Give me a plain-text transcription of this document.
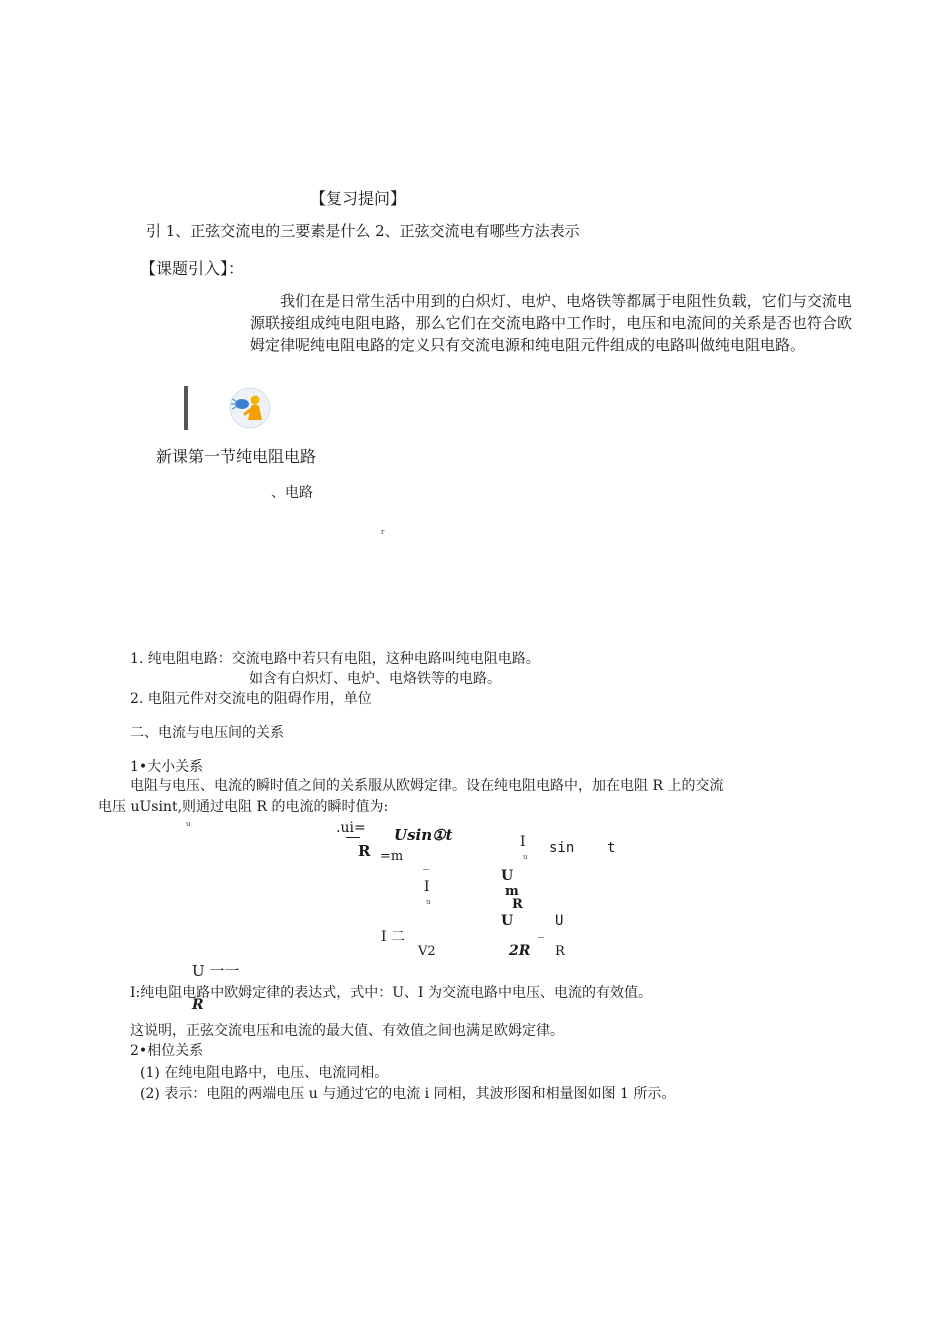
【复习提问】
引 1、正弦交流电的三要素是什么 2、正弦交流电有哪些方法表示
【课题引入】：
我们在是日常生活中用到的白炽灯、电炉、电烙铁等都属于电阻性负载，它们与交流电源联接组成纯电阻电路，那么它们在交流电路中工作时，电压和电流间的关系是否也符合欧姆定律呢纯电阻电路的定义只有交流电源和纯电阻元件组成的电路叫做纯电阻电路。
新课第一节纯电阻电路
、电路
r
1. 纯电阻电路：交流电路中若只有电阻，这种电路叫纯电阻电路。
如含有白炽灯、电炉、电烙铁等的电路。
2. 电阻元件对交流电的阻碍作用，单位
二、电流与电压间的关系
1•大小关系
电阻与电压、电流的瞬时值之间的关系服从欧姆定律。设在纯电阻电路中，加在电阻 R 上的交流
电压 uUsint,则通过电阻 R 的电流的瞬时值为:
u	.ui= Usin①t
R =m
I
u
sin t
_
I
u
U
m
R
U
_
U
I 二
V2	2R R
U 一一
I:纯电阻电路中欧姆定律的表达式，式中：U、I 为交流电路中电压、电流的有效值。
R
这说明，正弦交流电压和电流的最大值、有效值之间也满足欧姆定律。
2•相位关系
(1) 在纯电阻电路中，电压、电流同相。
(2) 表示：电阻的两端电压 u 与通过它的电流 i 同相，其波形图和相量图如图 1 所示。
